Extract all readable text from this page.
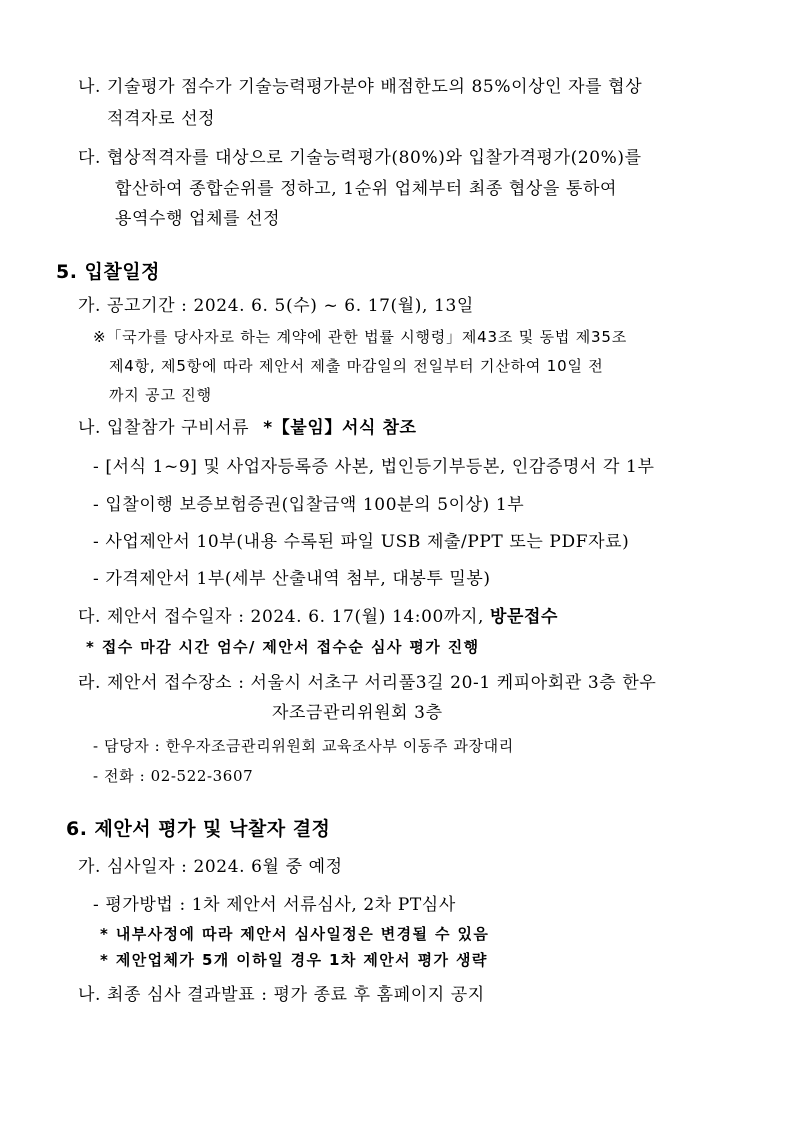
나. 기술평가 점수가 기술능력평가분야 배점한도의 85%이상인 자를 협상
적격자로 선정
다. 협상적격자를 대상으로 기술능력평가(80%)와 입찰가격평가(20%)를
합산하여 종합순위를 정하고, 1순위 업체부터 최종 협상을 통하여
용역수행 업체를 선정
5. 입찰일정
가. 공고기간 : 2024. 6. 5(수) ~ 6. 17(월), 13일
※「국가를 당사자로 하는 계약에 관한 법률 시행령」제43조 및 동법 제35조
제4항, 제5항에 따라 제안서 제출 마감일의 전일부터 기산하여 10일 전
까지 공고 진행
나. 입찰참가 구비서류 *【붙임】서식 참조
- [서식 1~9] 및 사업자등록증 사본, 법인등기부등본, 인감증명서 각 1부
- 입찰이행 보증보험증권(입찰금액 100분의 5이상) 1부
- 사업제안서 10부(내용 수록된 파일 USB 제출/PPT 또는 PDF자료)
- 가격제안서 1부(세부 산출내역 첨부, 대봉투 밀봉)
다. 제안서 접수일자 : 2024. 6. 17(월) 14:00까지, 방문접수
* 접수 마감 시간 엄수/ 제안서 접수순 심사 평가 진행
라. 제안서 접수장소 : 서울시 서초구 서리풀3길 20-1 케피아회관 3층 한우
자조금관리위원회 3층
- 담당자 : 한우자조금관리위원회 교육조사부 이동주 과장대리
- 전화 : 02-522-3607
6. 제안서 평가 및 낙찰자 결정
가. 심사일자 : 2024. 6월 중 예정
- 평가방법 : 1차 제안서 서류심사, 2차 PT심사
* 내부사정에 따라 제안서 심사일정은 변경될 수 있음
* 제안업체가 5개 이하일 경우 1차 제안서 평가 생략
나. 최종 심사 결과발표 : 평가 종료 후 홈페이지 공지
